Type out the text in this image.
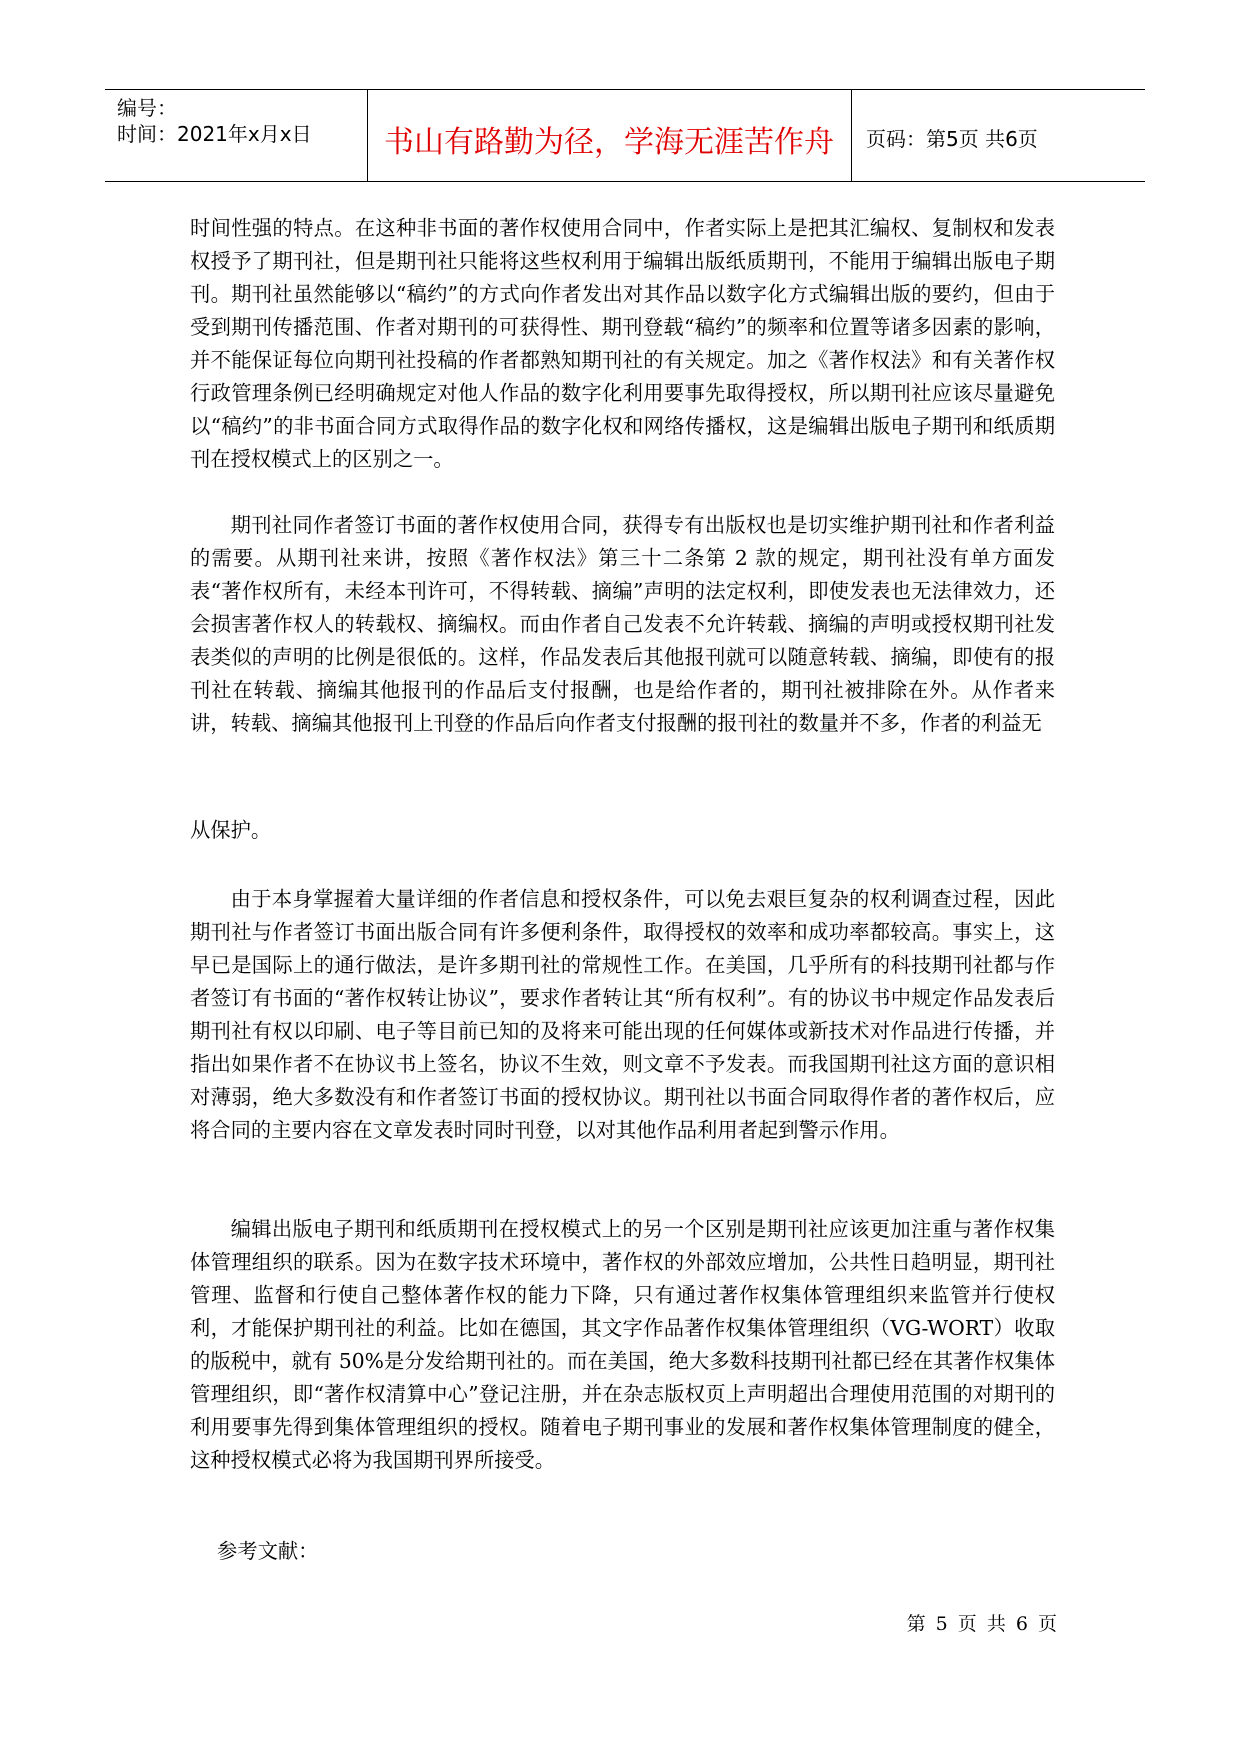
编号：
时间：2021年x月x日	书山有路勤为径，学海无涯苦作舟	页码：第5页 共6页

时间性强的特点。在这种非书面的著作权使用合同中，作者实际上是把其汇编权、复制权和发表权授予了期刊社，但是期刊社只能将这些权利用于编辑出版纸质期刊，不能用于编辑出版电子期刊。期刊社虽然能够以“稿约”的方式向作者发出对其作品以数字化方式编辑出版的要约，但由于受到期刊传播范围、作者对期刊的可获得性、期刊登载“稿约”的频率和位置等诸多因素的影响，并不能保证每位向期刊社投稿的作者都熟知期刊社的有关规定。加之《著作权法》和有关著作权行政管理条例已经明确规定对他人作品的数字化利用要事先取得授权，所以期刊社应该尽量避免以“稿约”的非书面合同方式取得作品的数字化权和网络传播权，这是编辑出版电子期刊和纸质期刊在授权模式上的区别之一。

期刊社同作者签订书面的著作权使用合同，获得专有出版权也是切实维护期刊社和作者利益的需要。从期刊社来讲，按照《著作权法》第三十二条第 2 款的规定，期刊社没有单方面发表“著作权所有，未经本刊许可，不得转载、摘编”声明的法定权利，即使发表也无法律效力，还会损害著作权人的转载权、摘编权。而由作者自己发表不允许转载、摘编的声明或授权期刊社发表类似的声明的比例是很低的。这样，作品发表后其他报刊就可以随意转载、摘编，即使有的报刊社在转载、摘编其他报刊的作品后支付报酬，也是给作者的，期刊社被排除在外。从作者来讲，转载、摘编其他报刊上刊登的作品后向作者支付报酬的报刊社的数量并不多，作者的利益无

从保护。

由于本身掌握着大量详细的作者信息和授权条件，可以免去艰巨复杂的权利调查过程，因此期刊社与作者签订书面出版合同有许多便利条件，取得授权的效率和成功率都较高。事实上，这早已是国际上的通行做法，是许多期刊社的常规性工作。在美国，几乎所有的科技期刊社都与作者签订有书面的“著作权转让协议”，要求作者转让其“所有权利”。有的协议书中规定作品发表后期刊社有权以印刷、电子等目前已知的及将来可能出现的任何媒体或新技术对作品进行传播，并指出如果作者不在协议书上签名，协议不生效，则文章不予发表。而我国期刊社这方面的意识相对薄弱，绝大多数没有和作者签订书面的授权协议。期刊社以书面合同取得作者的著作权后，应将合同的主要内容在文章发表时同时刊登，以对其他作品利用者起到警示作用。

编辑出版电子期刊和纸质期刊在授权模式上的另一个区别是期刊社应该更加注重与著作权集体管理组织的联系。因为在数字技术环境中，著作权的外部效应增加，公共性日趋明显，期刊社管理、监督和行使自己整体著作权的能力下降，只有通过著作权集体管理组织来监管并行使权利，才能保护期刊社的利益。比如在德国，其文字作品著作权集体管理组织（VG-WORT）收取的版税中，就有 50%是分发给期刊社的。而在美国，绝大多数科技期刊社都已经在其著作权集体管理组织，即“著作权清算中心”登记注册，并在杂志版权页上声明超出合理使用范围的对期刊的利用要事先得到集体管理组织的授权。随着电子期刊事业的发展和著作权集体管理制度的健全，这种授权模式必将为我国期刊界所接受。

参考文献：

第 5 页 共 6 页
